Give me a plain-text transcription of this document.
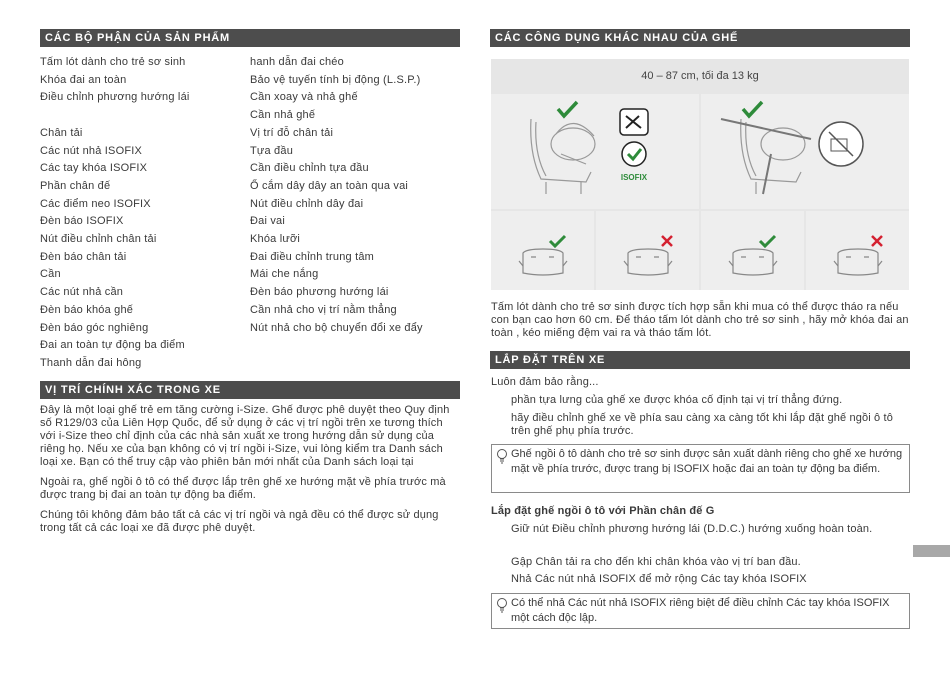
CÁC BỘ PHẬN CỦA SẢN PHẨM
Tấm lót dành cho trẻ sơ sinh
Khóa đai an toàn
Điều chỉnh phương hướng lái
Chân tải
Các nút nhả ISOFIX
Các tay khóa ISOFIX
Phần chân đế
Các điểm neo ISOFIX
Đèn báo ISOFIX
Nút điều chỉnh chân tải
Đèn báo chân tải
Cần
Các nút nhả cần
Đèn báo khóa ghế
Đèn báo góc nghiêng
Đai an toàn tự động ba điểm
Thanh dẫn đai hông
hanh dẫn đai chéo
Bảo vệ tuyến tính bị động (L.S.P.)
Cần xoay và nhả ghế
Cần nhả ghế
Vị trí đỗ chân tải
Tựa đầu
Cần điều chỉnh tựa đầu
Ổ cắm dây dây an toàn qua vai
Nút điều chỉnh dây đai
Đai vai
Khóa lưỡi
Đai điều chỉnh trung tâm
Mái che nắng
Đèn báo phương hướng lái
Cần nhả cho vị trí nằm thẳng
Nút nhả cho bộ chuyển đổi xe đẩy
VỊ TRÍ CHÍNH XÁC TRONG XE

Đây là một loại ghế trẻ em tăng cường i-Size. Ghế được phê duyệt theo Quy định số R129/03 của Liên Hợp Quốc, để sử dụng ở các vị trí ngồi trên xe tương thích với i-Size theo chỉ định của các nhà sản xuất xe trong hướng dẫn sử dụng của riêng họ. Nếu xe của bạn không có vị trí ngồi i-Size, vui lòng kiểm tra Danh sách loại xe. Bạn có thể truy cập vào phiên bản mới nhất của Danh sách loại tại

Ngoài ra, ghế ngồi ô tô có thể được lắp trên ghế xe hướng mặt về phía trước mà được trang bị đai an toàn tự động ba điểm.

Chúng tôi không đảm bảo tất cả các vị trí ngồi và ngả đều có thể được sử dụng trong tất cả các loại xe đã được phê duyệt.

CÁC CÔNG DỤNG KHÁC NHAU CỦA GHẾ
40 – 87 cm, tối đa 13 kg
ISOFIX
Tấm lót dành cho trẻ sơ sinh được tích hợp sẵn khi mua có thể được tháo ra nếu con bạn cao hơn 60 cm. Để tháo tấm lót dành cho trẻ sơ sinh , hãy mở khóa đai an toàn , kéo miếng đệm vai ra và tháo tấm lót.
LẮP ĐẶT TRÊN XE
Luôn đảm bảo rằng...
phần tựa lưng của ghế xe được khóa cố định tại vị trí thẳng đứng.
hãy điều chỉnh ghế xe về phía sau càng xa càng tốt khi lắp đặt ghế ngồi ô tô trên ghế phụ phía trước.
Ghế ngồi ô tô dành cho trẻ sơ sinh được sản xuất dành riêng cho ghế xe hướng mặt về phía trước, được trang bị ISOFIX hoặc đai an toàn tự động ba điểm.
Lắp đặt ghế ngồi ô tô với Phần chân đế G
Giữ nút Điều chỉnh phương hướng lái (D.D.C.) hướng xuống hoàn toàn.
Gập Chân tải ra cho đến khi chân khóa vào vị trí ban đầu.
Nhả Các nút nhả ISOFIX để mở rộng Các tay khóa ISOFIX
Có thể nhả Các nút nhả ISOFIX riêng biệt để điều chỉnh Các tay khóa ISOFIX một cách độc lập.
